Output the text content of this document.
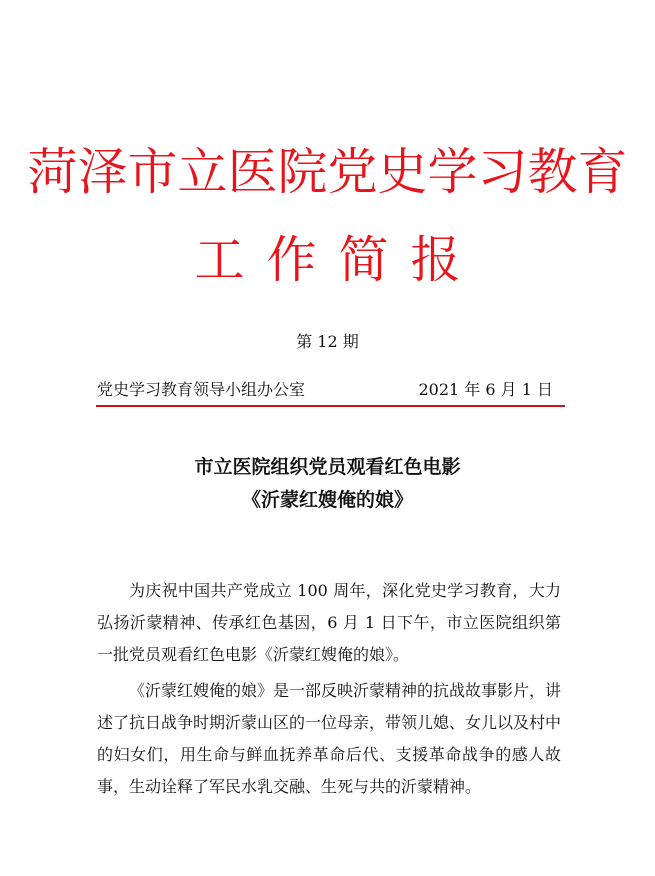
菏泽市立医院党史学习教育
工作简报
第 12 期
党史学习教育领导小组办公室	2021 年 6 月 1 日
市立医院组织党员观看红色电影
《沂蒙红嫂俺的娘》

为庆祝中国共产党成立 100 周年，深化党史学习教育，大力弘扬沂蒙精神、传承红色基因，6 月 1 日下午，市立医院组织第一批党员观看红色电影《沂蒙红嫂俺的娘》。

《沂蒙红嫂俺的娘》是一部反映沂蒙精神的抗战故事影片，讲述了抗日战争时期沂蒙山区的一位母亲，带领儿媳、女儿以及村中的妇女们，用生命与鲜血抚养革命后代、支援革命战争的感人故事，生动诠释了军民水乳交融、生死与共的沂蒙精神。
